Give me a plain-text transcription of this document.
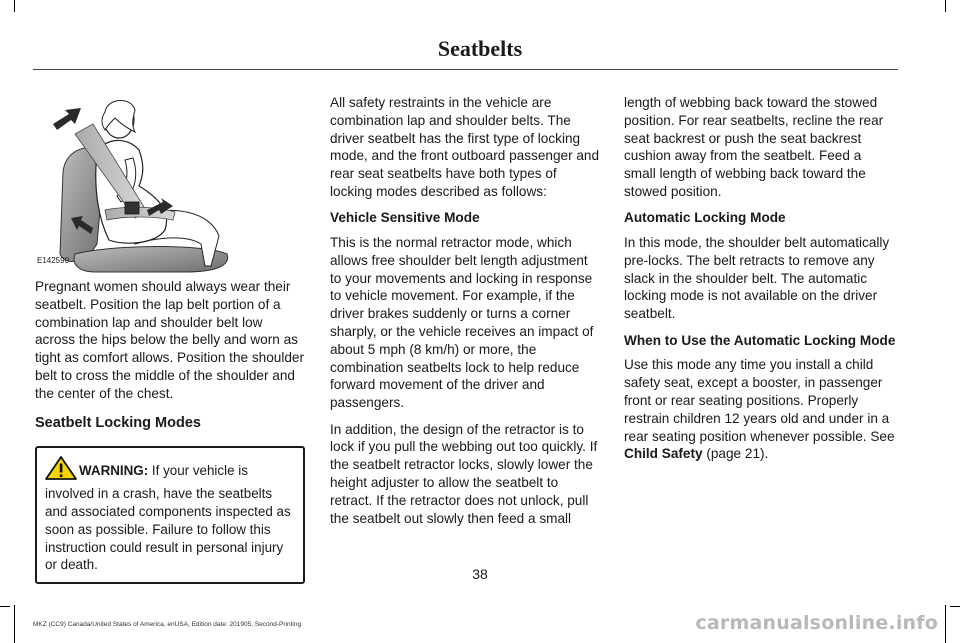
Seatbelts
E142590

Pregnant women should always wear their seatbelt. Position the lap belt portion of a combination lap and shoulder belt low across the hips below the belly and worn as tight as comfort allows. Position the shoulder belt to cross the middle of the shoulder and the center of the chest.

Seatbelt Locking Modes
WARNING: If your vehicle is involved in a crash, have the seatbelts and associated components inspected as soon as possible. Failure to follow this instruction could result in personal injury or death.

All safety restraints in the vehicle are combination lap and shoulder belts. The driver seatbelt has the first type of locking mode, and the front outboard passenger and rear seat seatbelts have both types of locking modes described as follows:

Vehicle Sensitive Mode

This is the normal retractor mode, which allows free shoulder belt length adjustment to your movements and locking in response to vehicle movement. For example, if the driver brakes suddenly or turns a corner sharply, or the vehicle receives an impact of about 5 mph (8 km/h) or more, the combination seatbelts lock to help reduce forward movement of the driver and passengers.

In addition, the design of the retractor is to lock if you pull the webbing out too quickly. If the seatbelt retractor locks, slowly lower the height adjuster to allow the seatbelt to retract. If the retractor does not unlock, pull the seatbelt out slowly then feed a small

length of webbing back toward the stowed position. For rear seatbelts, recline the rear seat backrest or push the seat backrest cushion away from the seatbelt. Feed a small length of webbing back toward the stowed position.

Automatic Locking Mode

In this mode, the shoulder belt automatically pre-locks. The belt retracts to remove any slack in the shoulder belt. The automatic locking mode is not available on the driver seatbelt.

When to Use the Automatic Locking Mode

Use this mode any time you install a child safety seat, except a booster, in passenger front or rear seating positions. Properly restrain children 12 years old and under in a rear seating position whenever possible. See Child Safety (page 21).

38
MKZ (CC9) Canada/United States of America, enUSA, Edition date: 201905, Second-Printing	carmanualsonline.info
